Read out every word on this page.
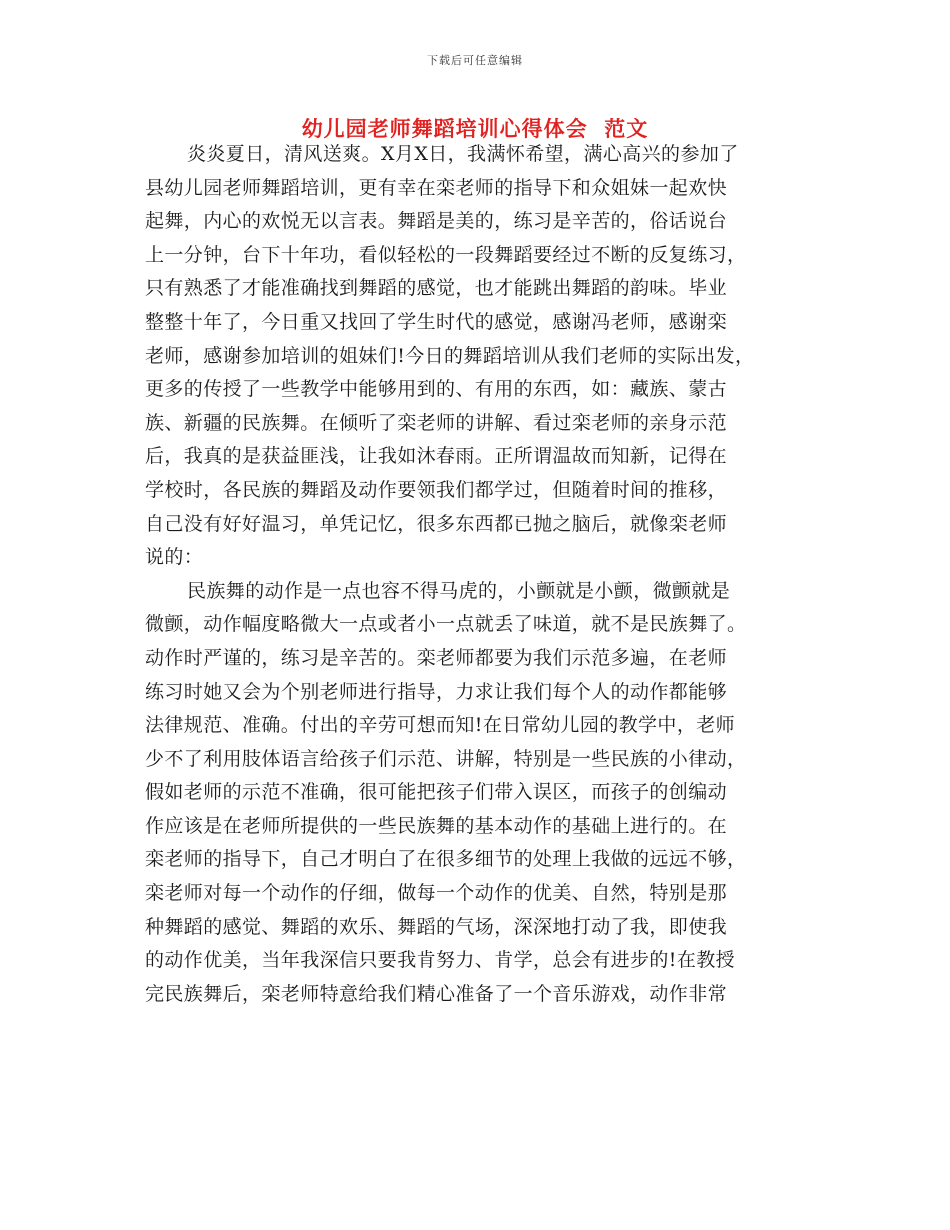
下载后可任意编辑
幼儿园老师舞蹈培训心得体会  范文
炎炎夏日，清风送爽。X月X日，我满怀希望，满心高兴的参加了
县幼儿园老师舞蹈培训，更有幸在栾老师的指导下和众姐妹一起欢快
起舞，内心的欢悦无以言表。舞蹈是美的，练习是辛苦的，俗话说台
上一分钟，台下十年功，看似轻松的一段舞蹈要经过不断的反复练习，
只有熟悉了才能准确找到舞蹈的感觉，也才能跳出舞蹈的韵味。毕业
整整十年了，今日重又找回了学生时代的感觉，感谢冯老师，感谢栾
老师，感谢参加培训的姐妹们!今日的舞蹈培训从我们老师的实际出发，
更多的传授了一些教学中能够用到的、有用的东西，如：藏族、蒙古
族、新疆的民族舞。在倾听了栾老师的讲解、看过栾老师的亲身示范
后，我真的是获益匪浅，让我如沐春雨。正所谓温故而知新，记得在
学校时，各民族的舞蹈及动作要领我们都学过，但随着时间的推移，
自己没有好好温习，单凭记忆，很多东西都已抛之脑后，就像栾老师
说的：
民族舞的动作是一点也容不得马虎的，小颤就是小颤，微颤就是
微颤，动作幅度略微大一点或者小一点就丢了味道，就不是民族舞了。
动作时严谨的，练习是辛苦的。栾老师都要为我们示范多遍，在老师
练习时她又会为个别老师进行指导，力求让我们每个人的动作都能够
法律规范、准确。付出的辛劳可想而知!在日常幼儿园的教学中，老师
少不了利用肢体语言给孩子们示范、讲解，特别是一些民族的小律动，
假如老师的示范不准确，很可能把孩子们带入误区，而孩子的创编动
作应该是在老师所提供的一些民族舞的基本动作的基础上进行的。在
栾老师的指导下，自己才明白了在很多细节的处理上我做的远远不够，
栾老师对每一个动作的仔细，做每一个动作的优美、自然，特别是那
种舞蹈的感觉、舞蹈的欢乐、舞蹈的气场，深深地打动了我，即使我
的动作优美，当年我深信只要我肯努力、肯学，总会有进步的!在教授
完民族舞后，栾老师特意给我们精心准备了一个音乐游戏，动作非常
